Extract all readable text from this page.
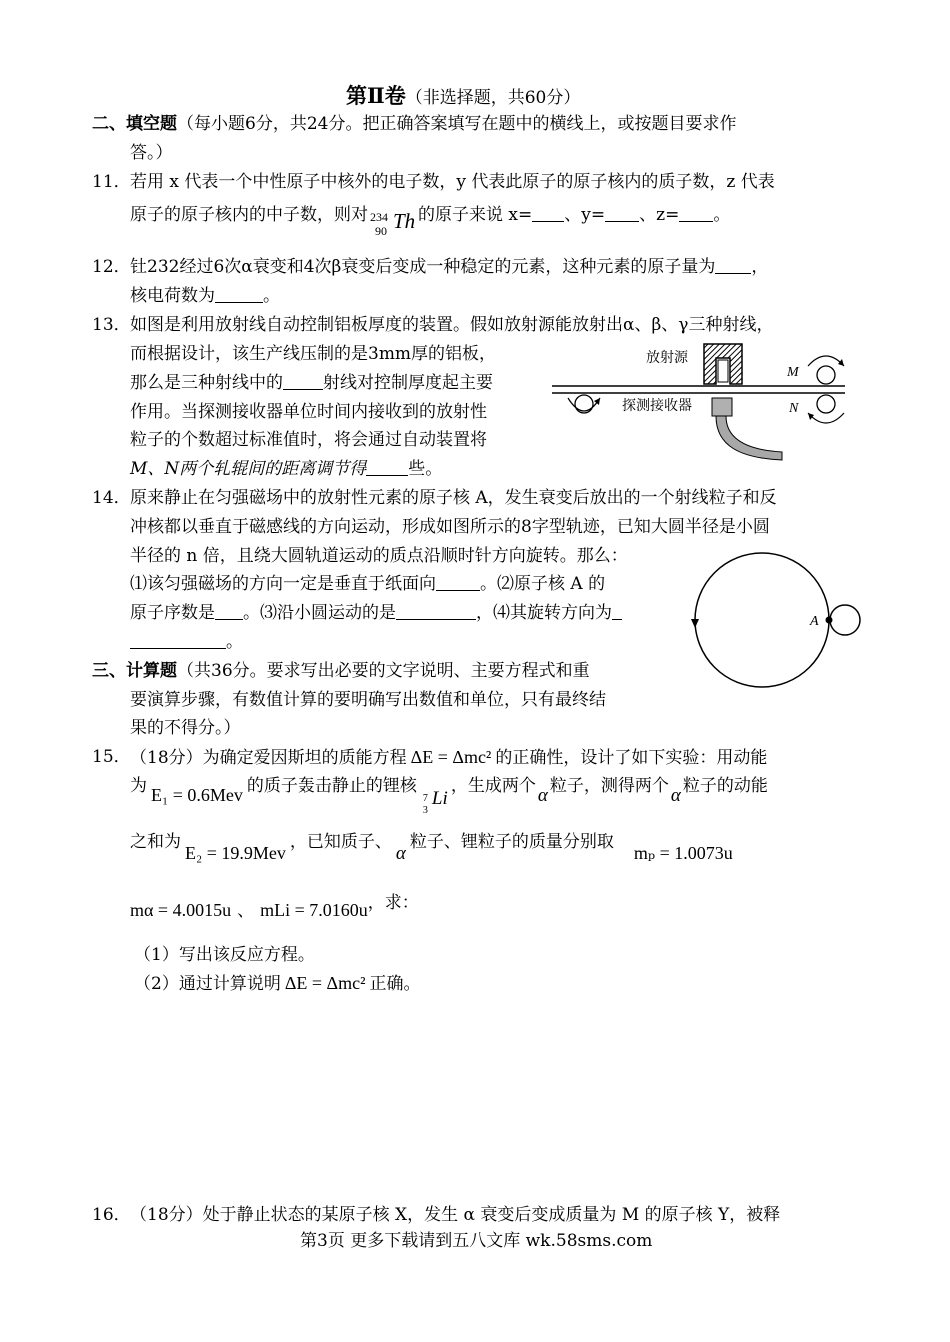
第Ⅱ卷（非选择题，共60分）
二、填空题（每小题6分，共24分。把正确答案填写在题中的横线上，或按题目要求作
答。）
11． 若用 x 代表一个中性原子中核外的电子数，y 代表此原子的原子核内的质子数，z 代表
原子的原子核内的中子数，则对 234
90 Th 的原子来说 x= 、y= 、z= 。
12． 钍232经过6次α衰变和4次β衰变后变成一种稳定的元素，这种元素的原子量为 ，
核电荷数为	。
13． 如图是利用放射线自动控制铝板厚度的装置。假如放射源能放射出α、β、γ三种射线，
而根据设计，该生产线压制的是3mm厚的铝板，
那么是三种射线中的 射线对控制厚度起主要
作用。当探测接收器单位时间内接收到的放射性
粒子的个数超过标准值时，将会通过自动装置将
M、N两个轧辊间的距离调节得 些。
放射源
探测接收器
M
N
14． 原来静止在匀强磁场中的放射性元素的原子核 A，发生衰变后放出的一个射线粒子和反
冲核都以垂直于磁感线的方向运动，形成如图所示的8字型轨迹，已知大圆半径是小圆
半径的 n 倍，且绕大圆轨道运动的质点沿顺时针方向旋转。那么：
⑴该匀强磁场的方向一定是垂直于纸面向	。⑵原子核 A 的
原子序数是 。⑶沿小圆运动的是	，⑷其旋转方向为
。
A
三、计算题（共36分。要求写出必要的文字说明、主要方程式和重
要演算步骤，有数值计算的要明确写出数值和单位，只有最终结
果的不得分。）
15． （18分）为确定爱因斯坦的质能方程 ΔE = Δmc² 的正确性，设计了如下实验：用动能
为 E₁ = 0.6Mev 的质子轰击静止的锂核
7
3
Li
，生成两个 α 粒子，测得两个 α 粒子的动能
之和为E₂ = 19.9Mev，已知质子、α粒子、锂粒子的质量分别取mₚ = 1.0073u
mα = 4.0015u 、 mLi = 7.0160u，求：
（1）写出该反应方程。
（2）通过计算说明 ΔE = Δmc² 正确。
16． （18分）处于静止状态的某原子核 X，发生 α 衰变后变成质量为 M 的原子核 Y，被释
第3页 更多下载请到五八文库 wk.58sms.com
